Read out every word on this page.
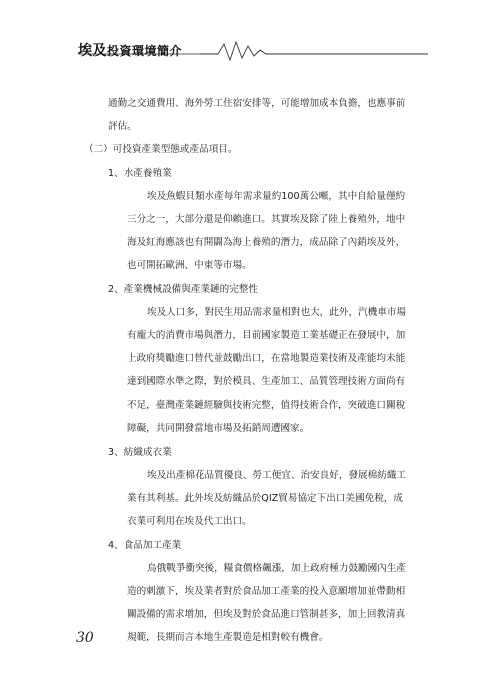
埃及投資環境簡介
通勤之交通費用、海外勞工住宿安排等，可能增加成本負擔，也應事前
評估。
（二）可投資產業型態或產品項目。
1、水產養殖業
埃及魚蝦貝類水產每年需求量約100萬公噸，其中自給量僅約
三分之一，大部分還是仰賴進口。其實埃及除了陸上養殖外，地中
海及紅海應該也有開闢為海上養殖的潛力，成品除了內銷埃及外，
也可開拓歐洲、中東等市場。
2、產業機械設備與產業鏈的完整性
埃及人口多，對民生用品需求量相對也大，此外，汽機車市場
有龐大的消費市場與潛力，目前國家製造工業基礎正在發展中，加
上政府獎勵進口替代並鼓勵出口，在當地製造業技術及產能均未能
達到國際水準之際，對於模具、生產加工、品質管理技術方面尚有
不足，臺灣產業鏈經驗與技術完整，值得技術合作，突破進口關稅
障礙，共同開發當地市場及拓銷周遭國家。
3、紡織成衣業
埃及出產棉花品質優良、勞工便宜、治安良好，發展棉紡織工
業有其利基。此外埃及紡織品於QIZ貿易協定下出口美國免稅，成
衣業可利用在埃及代工出口。
4、食品加工產業
烏俄戰爭衝突後，糧食價格飆漲，加上政府極力鼓勵國內生產
造的刺激下，埃及業者對於食品加工產業的投入意願增加並帶動相
關設備的需求增加，但埃及對於食品進口管制甚多，加上回教清真
規範，長期而言本地生產製造是相對較有機會。
30
